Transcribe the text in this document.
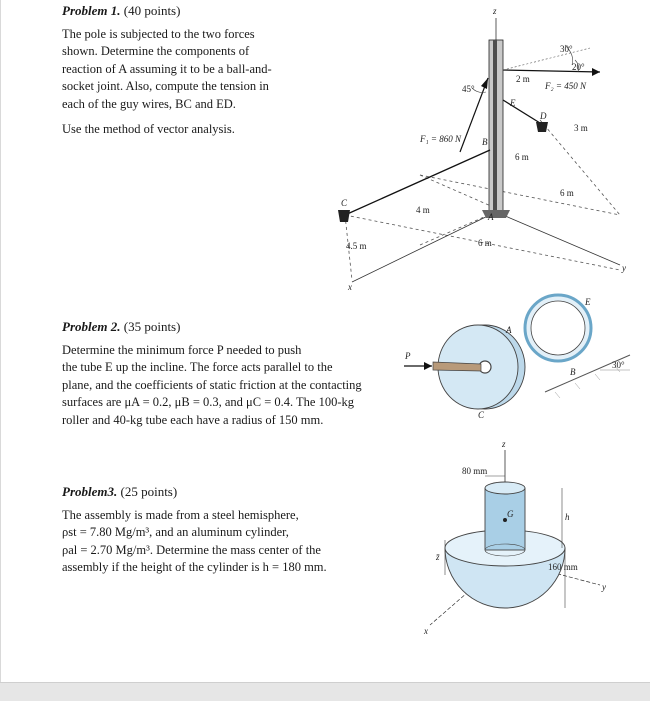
Problem 1. (40 points)

The pole is subjected to the two forces

shown. Determine the components of

reaction of A assuming it to be a ball-and-

socket joint. Also, compute the tension in

each of the guy wires, BC and ED.

Use the method of vector analysis.

z
x
y
30°
20°
45°	F₂ = 450 N
F₁ = 860 N
2 m
3 m
6 m
6 m
6 m
4 m
4.5 m
A
B
C
D
E
Problem 2. (35 points)

Determine the minimum force P needed to push

the tube E up the incline. The force acts parallel to the

plane, and the coefficients of static friction at the contacting

surfaces are μA = 0.2, μB = 0.3, and μC = 0.4. The 100-kg

roller and 40-kg tube each have a radius of 150 mm.

P
A
B
C
E
30°
Problem3. (25 points)

The assembly is made from a steel hemisphere,

ρst = 7.80 Mg/m³, and an aluminum cylinder,

ρal = 2.70 Mg/m³. Determine the mass center of the

assembly if the height of the cylinder is h = 180 mm.

z
x
y
80 mm
h
160 mm
z̄
G
